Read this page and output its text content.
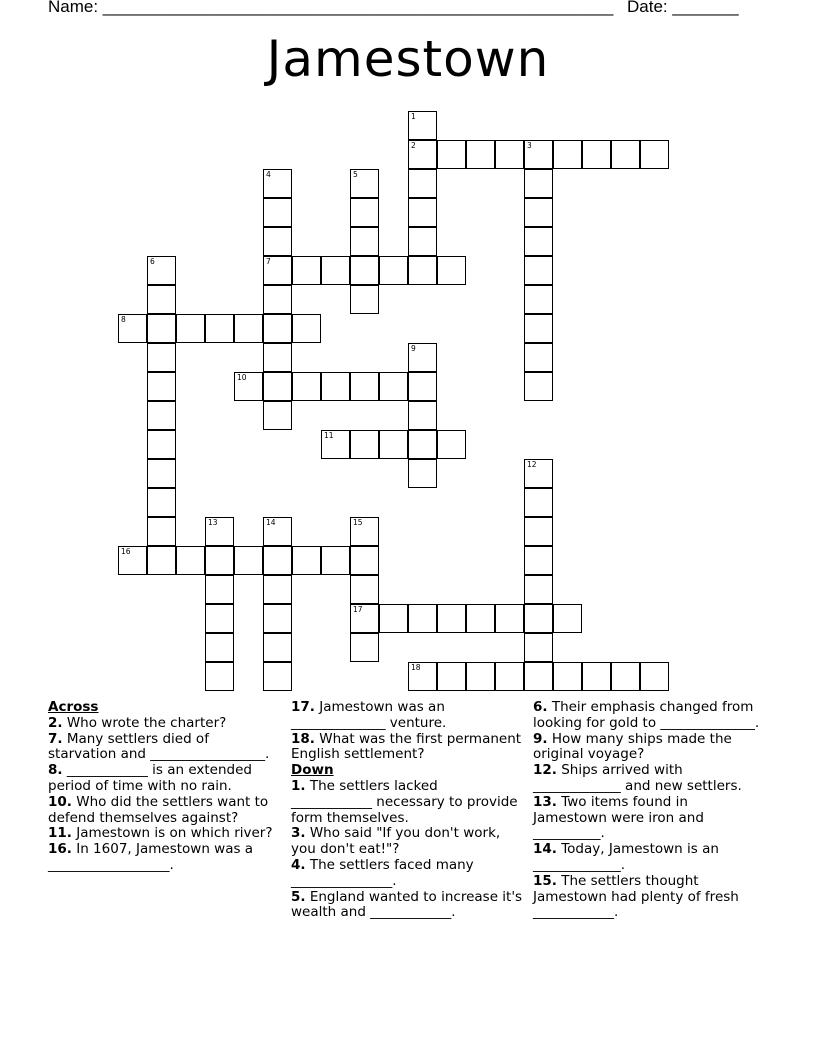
Name: ______________________________________________________ Date: _______
Jamestown
1
2	3
4
7
5
6
8
9
10
11
12
13	14	15
17
16
18
Across

2. Who wrote the charter?

7. Many settlers died of starvation and _________________.

8. ____________ is an extended period of time with no rain.

10. Who did the settlers want to defend themselves against?

11. Jamestown is on which river?

16. In 1607, Jamestown was a __________________.

17. Jamestown was an ______________ venture.

18. What was the first permanent English settlement?

Down

1. The settlers lacked ____________ necessary to provide form themselves.

3. Who said "If you don't work, you don't eat!"?

4. The settlers faced many _______________.

5. England wanted to increase it's wealth and ____________.

6. Their emphasis changed from looking for gold to ______________.

9. How many ships made the original voyage?

12. Ships arrived with _____________ and new settlers.

13. Two items found in Jamestown were iron and __________.

14. Today, Jamestown is an _____________.

15. The settlers thought Jamestown had plenty of fresh ____________.
